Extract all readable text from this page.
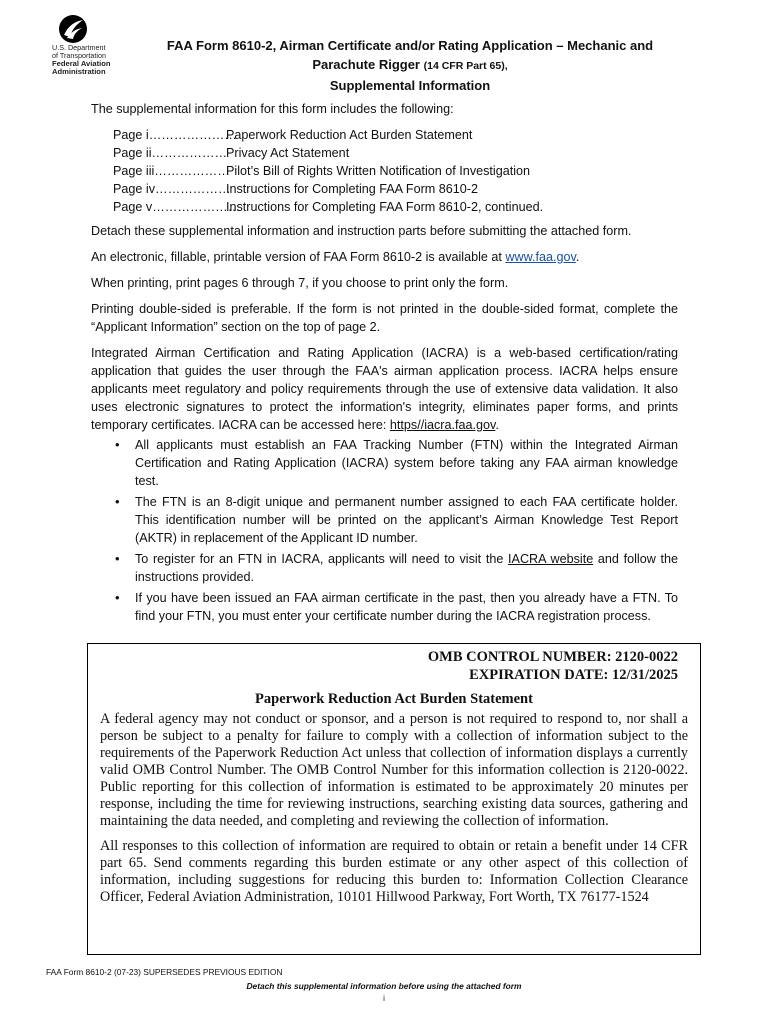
U.S. Department
of Transportation
Federal Aviation
Administration
FAA Form 8610-2, Airman Certificate and/or Rating Application – Mechanic and
Parachute Rigger (14 CFR Part 65),
Supplemental Information

The supplemental information for this form includes the following:

Page i…………………
Paperwork Reduction Act Burden Statement
Page ii………………
Privacy Act Statement
Page iii………………
Pilot’s Bill of Rights Written Notification of Investigation
Page iv………………
Instructions for Completing FAA Form 8610-2
Page v…………………
Instructions for Completing FAA Form 8610-2, continued.

Detach these supplemental information and instruction parts before submitting the attached form.

An electronic, fillable, printable version of FAA Form 8610-2 is available at www.faa.gov.

When printing, print pages 6 through 7, if you choose to print only the form.

Printing double-sided is preferable. If the form is not printed in the double-sided format, complete the “Applicant Information” section on the top of page 2.

Integrated Airman Certification and Rating Application (IACRA) is a web-based certification/rating application that guides the user through the FAA's airman application process. IACRA helps ensure applicants meet regulatory and policy requirements through the use of extensive data validation. It also uses electronic signatures to protect the information's integrity, eliminates paper forms, and prints temporary certificates. IACRA can be accessed here: https//iacra.faa.gov.

• All applicants must establish an FAA Tracking Number (FTN) within the Integrated Airman Certification and Rating Application (IACRA) system before taking any FAA airman knowledge test.
• The FTN is an 8-digit unique and permanent number assigned to each FAA certificate holder. This identification number will be printed on the applicant’s Airman Knowledge Test Report (AKTR) in replacement of the Applicant ID number.
• To register for an FTN in IACRA, applicants will need to visit the IACRA website and follow the instructions provided.
• If you have been issued an FAA airman certificate in the past, then you already have a FTN. To find your FTN, you must enter your certificate number during the IACRA registration process.
OMB CONTROL NUMBER: 2120-0022
EXPIRATION DATE: 12/31/2025
Paperwork Reduction Act Burden Statement

A federal agency may not conduct or sponsor, and a person is not required to respond to, nor shall a person be subject to a penalty for failure to comply with a collection of information subject to the requirements of the Paperwork Reduction Act unless that collection of information displays a currently valid OMB Control Number. The OMB Control Number for this information collection is 2120-0022. Public reporting for this collection of information is estimated to be approximately 20 minutes per response, including the time for reviewing instructions, searching existing data sources, gathering and maintaining the data needed, and completing and reviewing the collection of information.

All responses to this collection of information are required to obtain or retain a benefit under 14 CFR part 65. Send comments regarding this burden estimate or any other aspect of this collection of information, including suggestions for reducing this burden to: Information Collection Clearance Officer, Federal Aviation Administration, 10101 Hillwood Parkway, Fort Worth, TX 76177-1524

FAA Form 8610-2 (07-23) SUPERSEDES PREVIOUS EDITION
Detach this supplemental information before using the attached form
i
